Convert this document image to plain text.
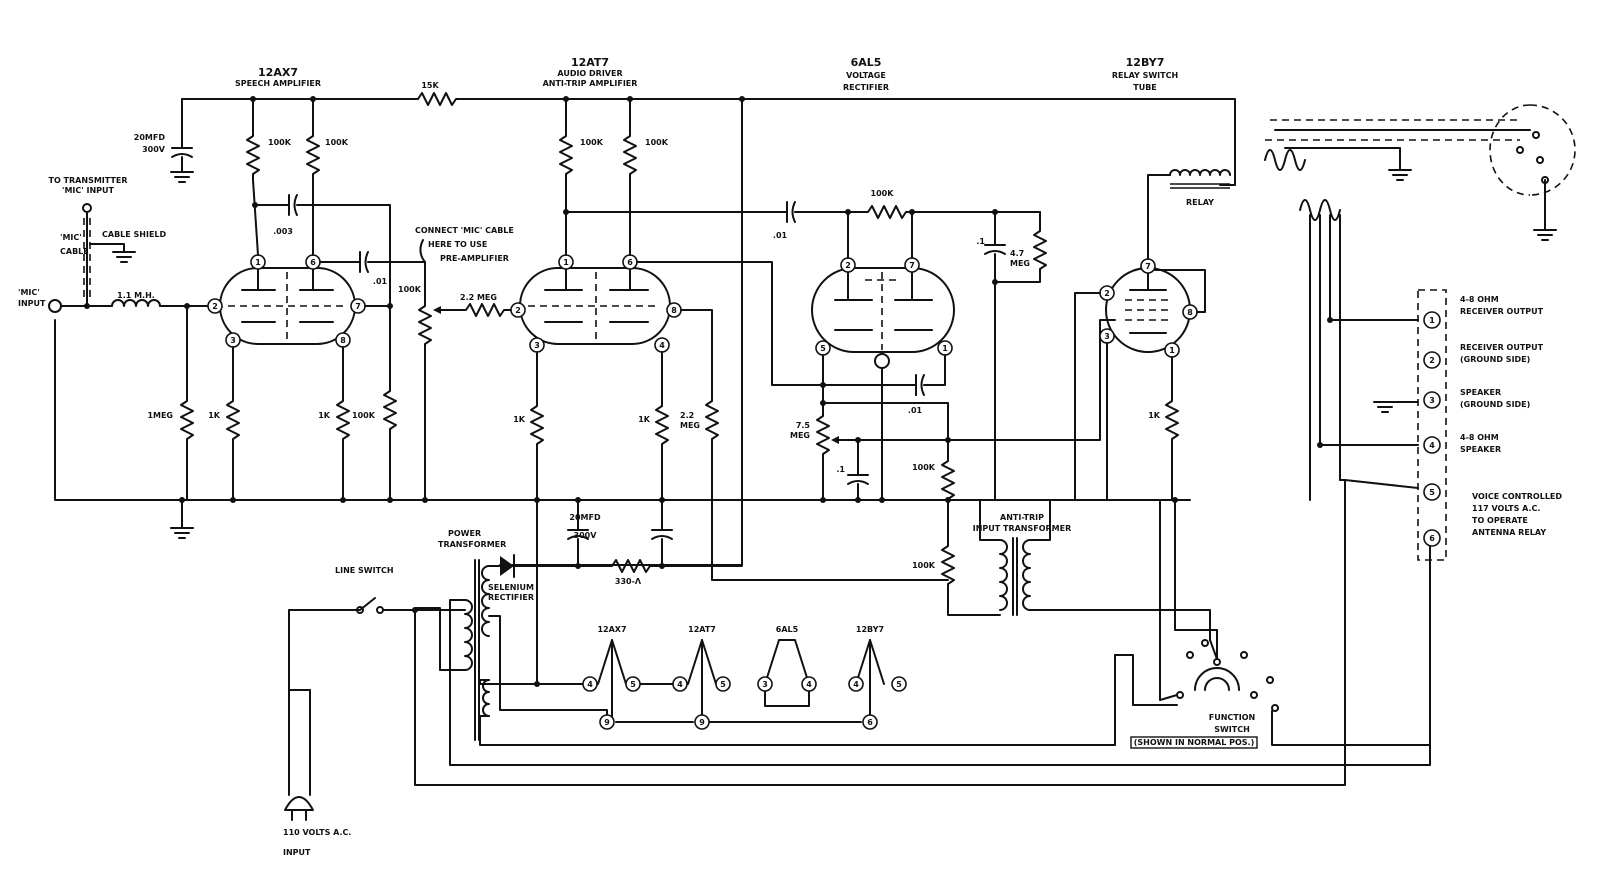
12AX7
SPEECH AMPLIFIER
12AT7
AUDIO DRIVER
ANTI-TRIP AMPLIFIER
6AL5
VOLTAGE
RECTIFIER
12BY7
RELAY SWITCH
TUBE
15K
20MFD
300V
TO TRANSMITTER
'MIC' INPUT
'MIC'
CABLE
CABLE SHIELD
'MIC'
INPUT
1.1 M.H.
1	6
2	7
3	8
100K
100K
.003
.01
1MEG	1K	1K	100K
100K
2.2 MEG
CONNECT 'MIC' CABLE
HERE TO USE
PRE-AMPLIFIER	1	6
2	8
3	4
100K	100K
1K	1K	2.2
MEG
.01
100K
2	7
5	1
.1
4.7
MEG
.01
7.5
MEG
.1	100K
7
2
8
3
1
RELAY
1K
ANTI-TRIP
INPUT TRANSFORMER
100K
20MFD
300V
330-Λ
POWER
TRANSFORMER
SELENIUM
RECTIFIER
LINE SWITCH
110 VOLTS A.C.
INPUT
12AX7	12AT7	6AL5	12BY7
4	5
9
4	5
9
3	4	4	5
6
FUNCTION
SWITCH
(SHOWN IN NORMAL POS.)
1
2
3
4
5
6
4-8 OHM
RECEIVER OUTPUT
RECEIVER OUTPUT
(GROUND SIDE)
SPEAKER
(GROUND SIDE)
4-8 OHM
SPEAKER
VOICE CONTROLLED
117 VOLTS A.C.
TO OPERATE
ANTENNA RELAY
